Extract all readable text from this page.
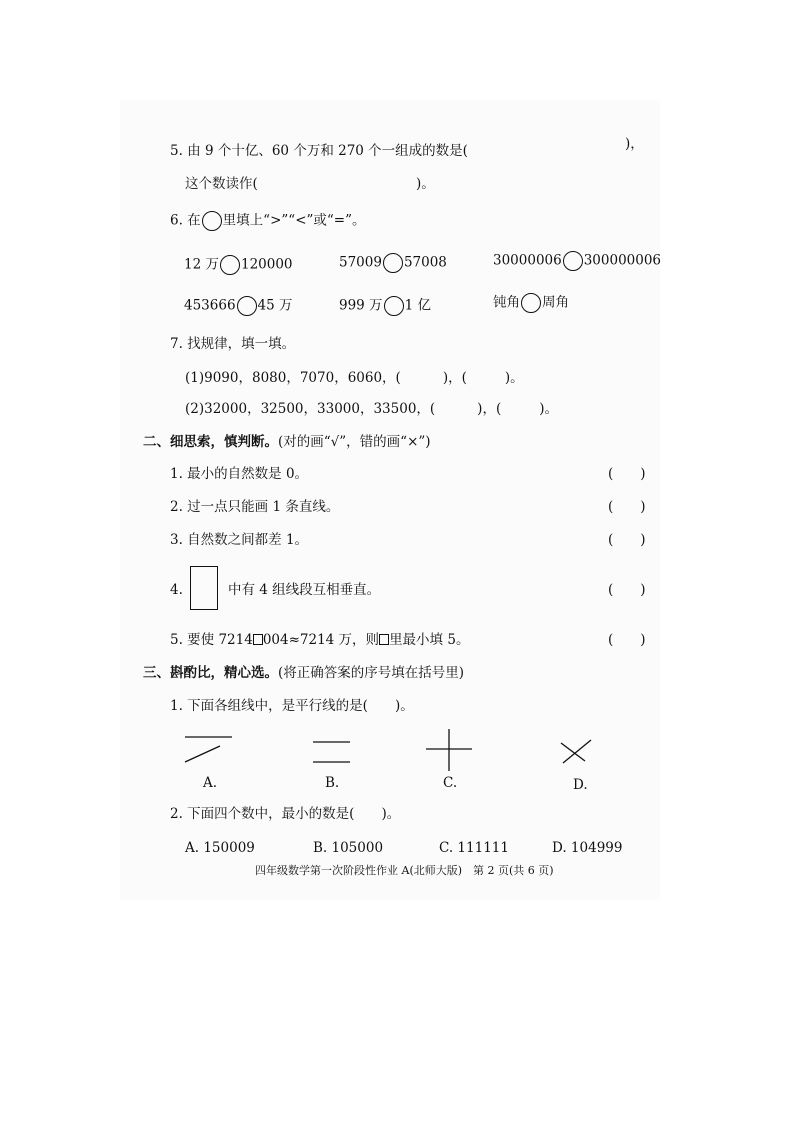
5. 由 9 个十亿、60 个万和 270 个一组成的数是(	)，
这个数读作(	)。
6. 在 里填上“>”“<”或“=”。
12 万 120000	57009 57008	30000006 300000006
453666 45 万	999 万 1 亿	钝角 周角
7. 找规律，填一填。
(1)9090，8080，7070，6060，(	)，(	)。
(2)32000，32500，33000，33500，(	)，(	)。
二、细思索，慎判断。(对的画“√”，错的画“×”)
1. 最小的自然数是 0。	(　　)
2. 过一点只能画 1 条直线。	(　　)
3. 自然数之间都差 1。	(　　)
4.	中有 4 组线段互相垂直。	(　　)
5. 要使 7214 004≈7214 万，则 里最小填 5。	(　　)
三、斟酌比，精心选。(将正确答案的序号填在括号里)
1. 下面各组线中，是平行线的是(　　)。
A.	B.	C.	D.
2. 下面四个数中，最小的数是(　　)。
A. 150009	B. 105000	C. 111111	D. 104999
四年级数学第一次阶段性作业 A(北师大版)　第 2 页(共 6 页)
